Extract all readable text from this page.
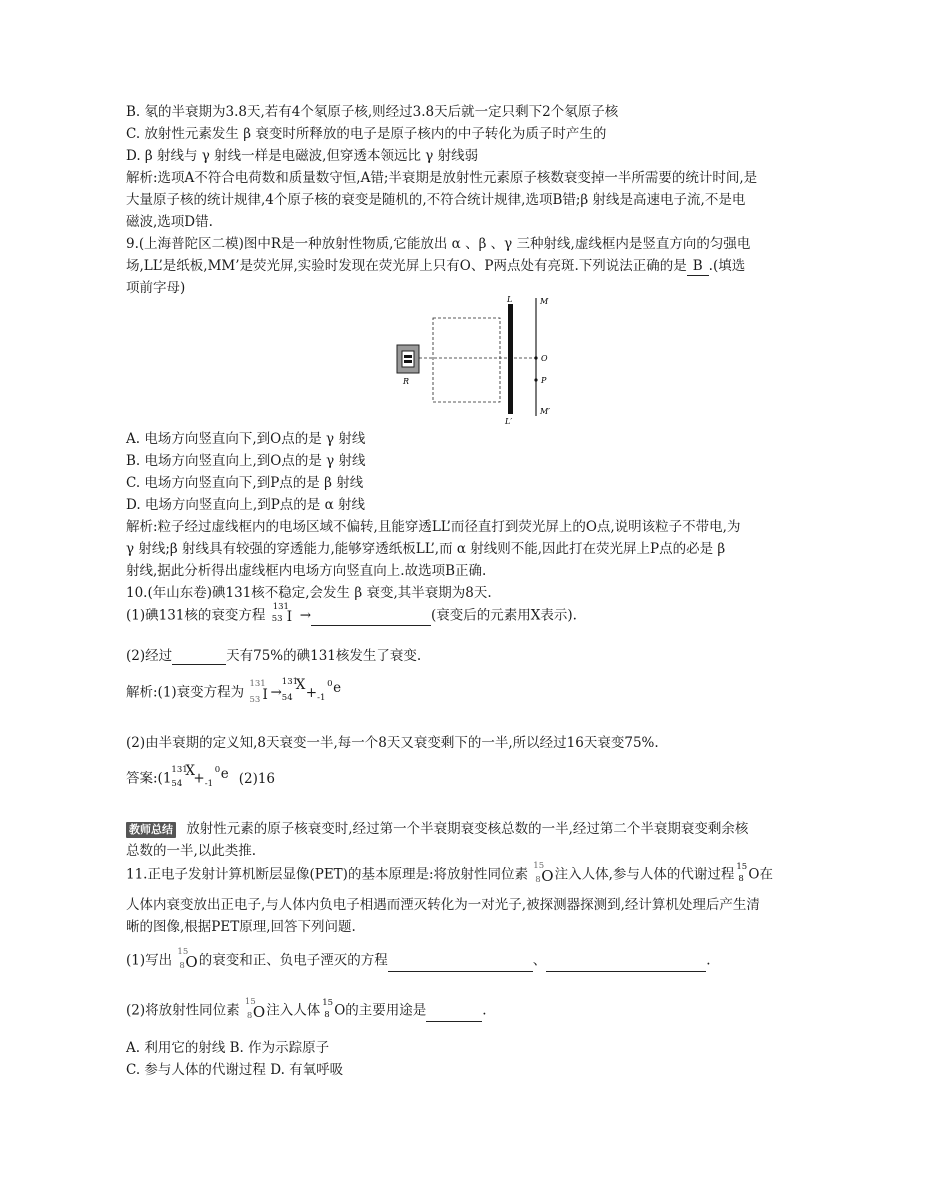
B. 氡的半衰期为3.8天,若有4个氡原子核,则经过3.8天后就一定只剩下2个氡原子核
C. 放射性元素发生 β 衰变时所释放的电子是原子核内的中子转化为质子时产生的
D. β 射线与 γ 射线一样是电磁波,但穿透本领远比 γ 射线弱
解析:选项A不符合电荷数和质量数守恒,A错;半衰期是放射性元素原子核数衰变掉一半所需要的统计时间,是
大量原子核的统计规律,4个原子核的衰变是随机的,不符合统计规律,选项B错;β 射线是高速电子流,不是电
磁波,选项D错.
9.(上海普陀区二模)图中R是一种放射性物质,它能放出 α 、β 、γ 三种射线,虚线框内是竖直方向的匀强电
场,LL’是纸板,MM’是荧光屏,实验时发现在荧光屏上只有O、P两点处有亮斑.下列说法正确的是 B .(填选
项前字母)
R
L
L′
M
M′
O
P
A. 电场方向竖直向下,到O点的是 γ 射线
B. 电场方向竖直向上,到O点的是 γ 射线
C. 电场方向竖直向下,到P点的是 β 射线
D. 电场方向竖直向上,到P点的是 α 射线
解析:粒子经过虚线框内的电场区域不偏转,且能穿透LL’而径直打到荧光屏上的O点,说明该粒子不带电,为
γ 射线;β 射线具有较强的穿透能力,能够穿透纸板LL’,而 α 射线则不能,因此打在荧光屏上P点的必是 β
射线,据此分析得出虚线框内电场方向竖直向上.故选项B正确.
10.(年山东卷)碘131核不稳定,会发生 β 衰变,其半衰期为8天.
(1)碘131核的衰变方程
131
53 I →	(衰变后的元素用X表示).
(2)经过	天有75%的碘131核发生了衰变.
解析:(1)衰变方程为
131
53 I →
131
54
X +
0
-1
e
(2)由半衰期的定义知,8天衰变一半,每一个8天又衰变剩下的一半,所以经过16天衰变75%.
答案:(1
131
54
X
+
0
-1
e (2)16
教师总结 放射性元素的原子核衰变时,经过第一个半衰期衰变核总数的一半,经过第二个半衰期衰变剩余核
总数的一半,以此类推.
11.正电子发射计算机断层显像(PET)的基本原理是:将放射性同位素
15
8 O 注入人体,参与人体的代谢过程 15
8 O在
人体内衰变放出正电子,与人体内负电子相遇而湮灭转化为一对光子,被探测器探测到,经计算机处理后产生清
晰的图像,根据PET原理,回答下列问题.
(1)写出
15
8 O 的衰变和正、负电子湮灭的方程	、	.
(2)将放射性同位素
15
8 O 注入人体 15
8 O的主要用途是	.
A. 利用它的射线 B. 作为示踪原子
C. 参与人体的代谢过程 D. 有氧呼吸
